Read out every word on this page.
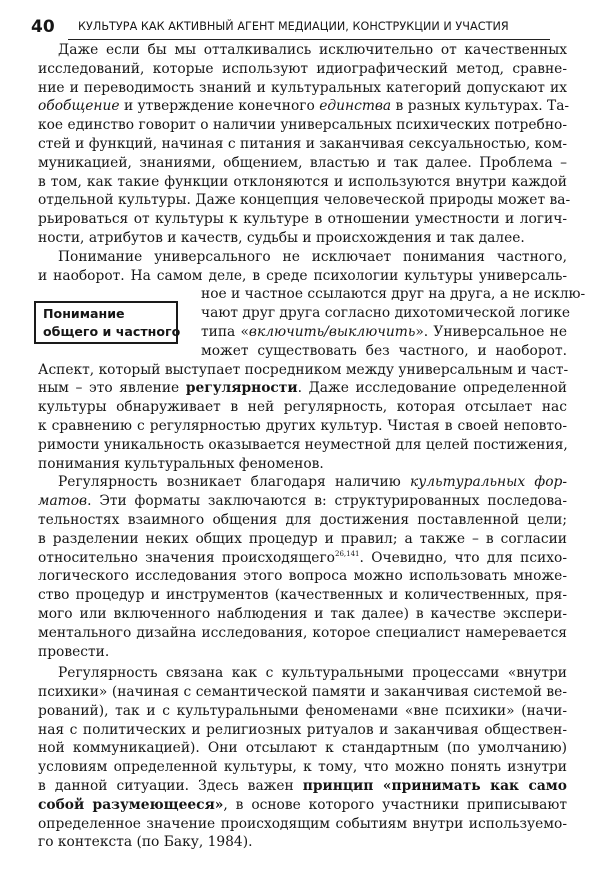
40 КУЛЬТУРА КАК АКТИВНЫЙ АГЕНТ МЕДИАЦИИ, КОНСТРУКЦИИ И УЧАСТИЯ
Понимание
общего и частного
Даже если бы мы отталкивались исключительно от качественных
исследований, которые используют идиографический метод, сравне-
ние и переводимость знаний и культуральных категорий допускают их
обобщение и утверждение конечного единства в разных культурах. Та-
кое единство говорит о наличии универсальных психических потребно-
стей и функций, начиная с питания и заканчивая сексуальностью, ком-
муникацией, знаниями, общением, властью и так далее. Проблема –
в том, как такие функции отклоняются и используются внутри каждой
отдельной культуры. Даже концепция человеческой природы может ва-
рьироваться от культуры к культуре в отношении уместности и логич-
ности, атрибутов и качеств, судьбы и происхождения и так далее.
Понимание универсального не исключает понимания частного,
и наоборот. На самом деле, в среде психологии культуры универсаль-
ное и частное ссылаются друг на друга, а не исклю-
чают друг друга согласно дихотомической логике
типа «включить/выключить». Универсальное не
может существовать без частного, и наоборот.
Аспект, который выступает посредником между универсальным и част-
ным – это явление регулярности. Даже исследование определенной
культуры обнаруживает в ней регулярность, которая отсылает нас
к сравнению с регулярностью других культур. Чистая в своей неповто-
римости уникальность оказывается неуместной для целей постижения,
понимания культуральных феноменов.
Регулярность возникает благодаря наличию культуральных фор-
матов. Эти форматы заключаются в: структурированных последова-
тельностях взаимного общения для достижения поставленной цели;
в разделении неких общих процедур и правил; а также – в согласии
относительно значения происходящего$^{26,141}$. Очевидно, что для психо-
логического исследования этого вопроса можно использовать множе-
ство процедур и инструментов (качественных и количественных, пря-
мого или включенного наблюдения и так далее) в качестве экспери-
ментального дизайна исследования, которое специалист намеревается
провести.
Регулярность связана как с культуральными процессами «внутри
психики» (начиная с семантической памяти и заканчивая системой ве-
рований), так и с культуральными феноменами «вне психики» (начи-
ная с политических и религиозных ритуалов и заканчивая обществен-
ной коммуникацией). Они отсылают к стандартным (по умолчанию)
условиям определенной культуры, к тому, что можно понять изнутри
в данной ситуации. Здесь важен принцип «принимать как само
собой разумеющееся», в основе которого участники приписывают
определенное значение происходящим событиям внутри используемо-
го контекста (по Баку, 1984).
